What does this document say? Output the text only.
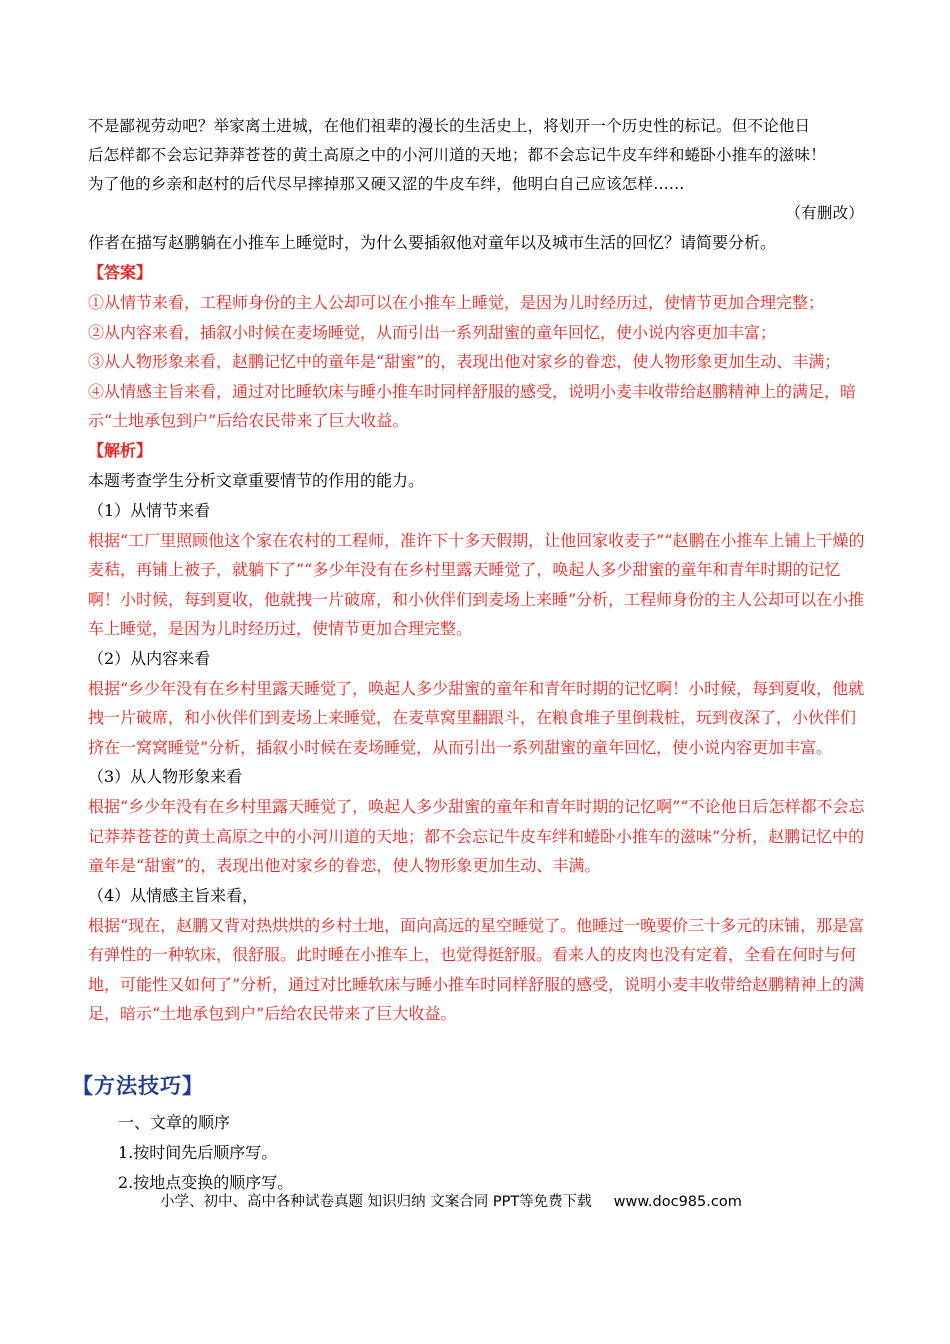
不是鄙视劳动吧？举家离土进城，在他们祖辈的漫长的生活史上，将划开一个历史性的标记。但不论他日

后怎样都不会忘记莽莽苍苍的黄土高原之中的小河川道的天地；都不会忘记牛皮车绊和蜷卧小推车的滋味！

为了他的乡亲和赵村的后代尽早摔掉那又硬又涩的牛皮车绊，他明白自己应该怎样……

（有删改）

作者在描写赵鹏躺在小推车上睡觉时，为什么要插叙他对童年以及城市生活的回忆？请简要分析。

【答案】

①从情节来看，工程师身份的主人公却可以在小推车上睡觉，是因为儿时经历过，使情节更加合理完整；

②从内容来看，插叙小时候在麦场睡觉，从而引出一系列甜蜜的童年回忆，使小说内容更加丰富；

③从人物形象来看，赵鹏记忆中的童年是“甜蜜”的，表现出他对家乡的眷恋，使人物形象更加生动、丰满；

④从情感主旨来看，通过对比睡软床与睡小推车时同样舒服的感受，说明小麦丰收带给赵鹏精神上的满足，暗示“土地承包到户”后给农民带来了巨大收益。

【解析】

本题考查学生分析文章重要情节的作用的能力。

（1）从情节来看

根据“工厂里照顾他这个家在农村的工程师，准许下十多天假期，让他回家收麦子”“赵鹏在小推车上铺上干燥的麦秸，再铺上被子，就躺下了”“多少年没有在乡村里露天睡觉了，唤起人多少甜蜜的童年和青年时期的记忆啊！小时候，每到夏收，他就拽一片破席，和小伙伴们到麦场上来睡”分析，工程师身份的主人公却可以在小推车上睡觉，是因为儿时经历过，使情节更加合理完整。

（2）从内容来看

根据“乡少年没有在乡村里露天睡觉了，唤起人多少甜蜜的童年和青年时期的记忆啊！小时候，每到夏收，他就拽一片破席，和小伙伴们到麦场上来睡觉，在麦草窝里翻跟斗，在粮食堆子里倒栽桩，玩到夜深了，小伙伴们挤在一窝窝睡觉”分析，插叙小时候在麦场睡觉，从而引出一系列甜蜜的童年回忆，使小说内容更加丰富。

（3）从人物形象来看

根据“乡少年没有在乡村里露天睡觉了，唤起人多少甜蜜的童年和青年时期的记忆啊”“不论他日后怎样都不会忘记莽莽苍苍的黄土高原之中的小河川道的天地；都不会忘记牛皮车绊和蜷卧小推车的滋味”分析，赵鹏记忆中的童年是“甜蜜”的，表现出他对家乡的眷恋，使人物形象更加生动、丰满。

（4）从情感主旨来看，

根据“现在，赵鹏又背对热烘烘的乡村土地，面向高远的星空睡觉了。他睡过一晚要价三十多元的床铺，那是富有弹性的一种软床，很舒服。此时睡在小推车上，也觉得挺舒服。看来人的皮肉也没有定着，全看在何时与何地，可能性又如何了”分析，通过对比睡软床与睡小推车时同样舒服的感受，说明小麦丰收带给赵鹏精神上的满足，暗示“土地承包到户”后给农民带来了巨大收益。

【方法技巧】

一、文章的顺序

1.按时间先后顺序写。

2.按地点变换的顺序写。

小学、初中、高中各种试卷真题 知识归纳 文案合同 PPT等免费下载 www.doc985.com
